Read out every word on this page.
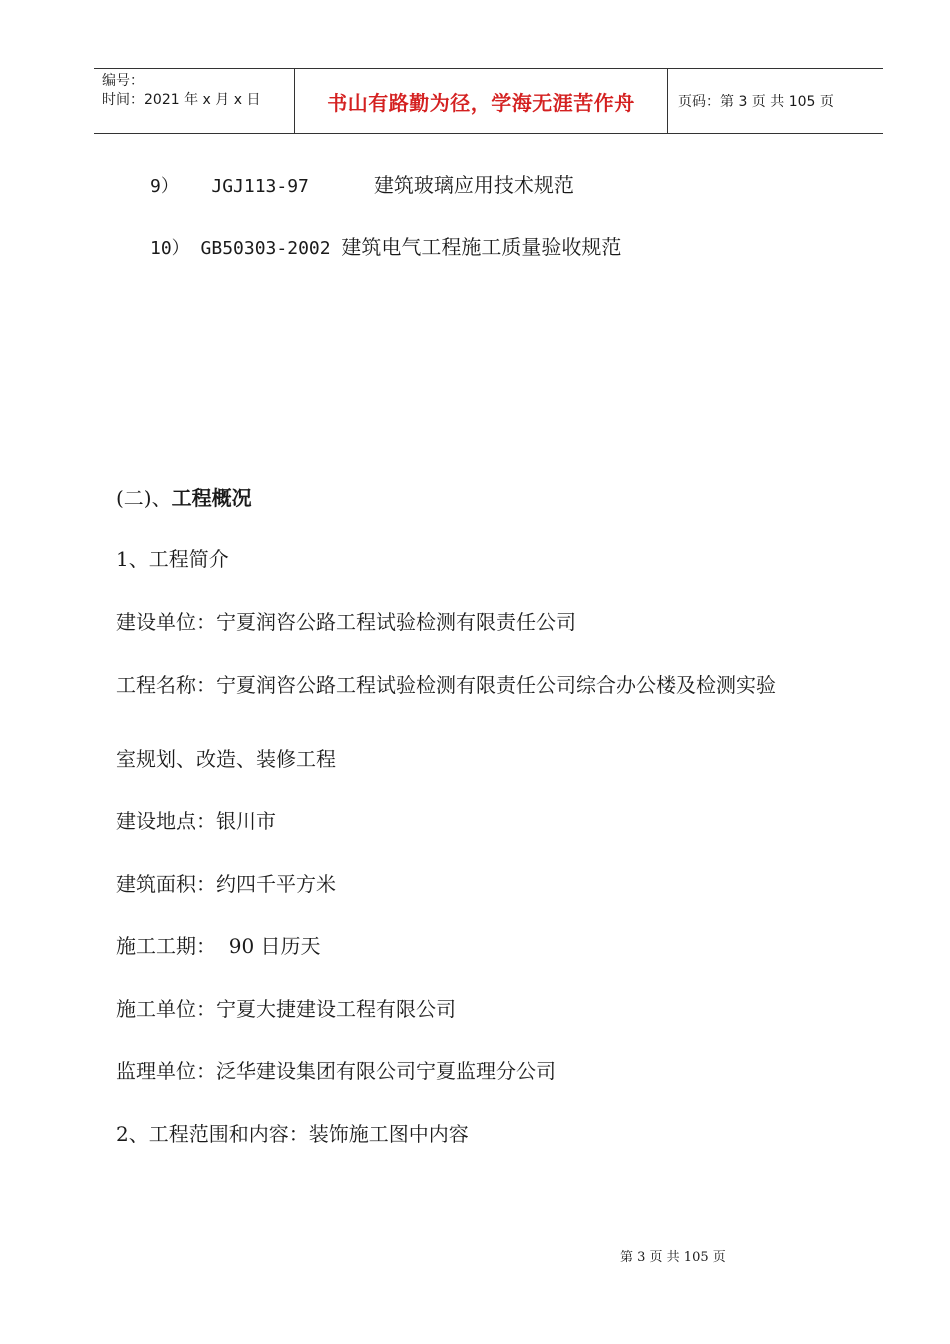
编号：
时间：2021 年 x 月 x 日	书山有路勤为径，学海无涯苦作舟	页码：第 3 页 共 105 页
9） JGJ113-97	建筑玻璃应用技术规范
10） GB50303-2002 建筑电气工程施工质量验收规范
(二)、工程概况
1、工程简介
建设单位：宁夏润咨公路工程试验检测有限责任公司
工程名称：宁夏润咨公路工程试验检测有限责任公司综合办公楼及检测实验
室规划、改造、装修工程
建设地点：银川市
建筑面积：约四千平方米
施工工期： 90 日历天
施工单位：宁夏大捷建设工程有限公司
监理单位：泛华建设集团有限公司宁夏监理分公司
2、工程范围和内容：装饰施工图中内容
第 3 页 共 105 页
